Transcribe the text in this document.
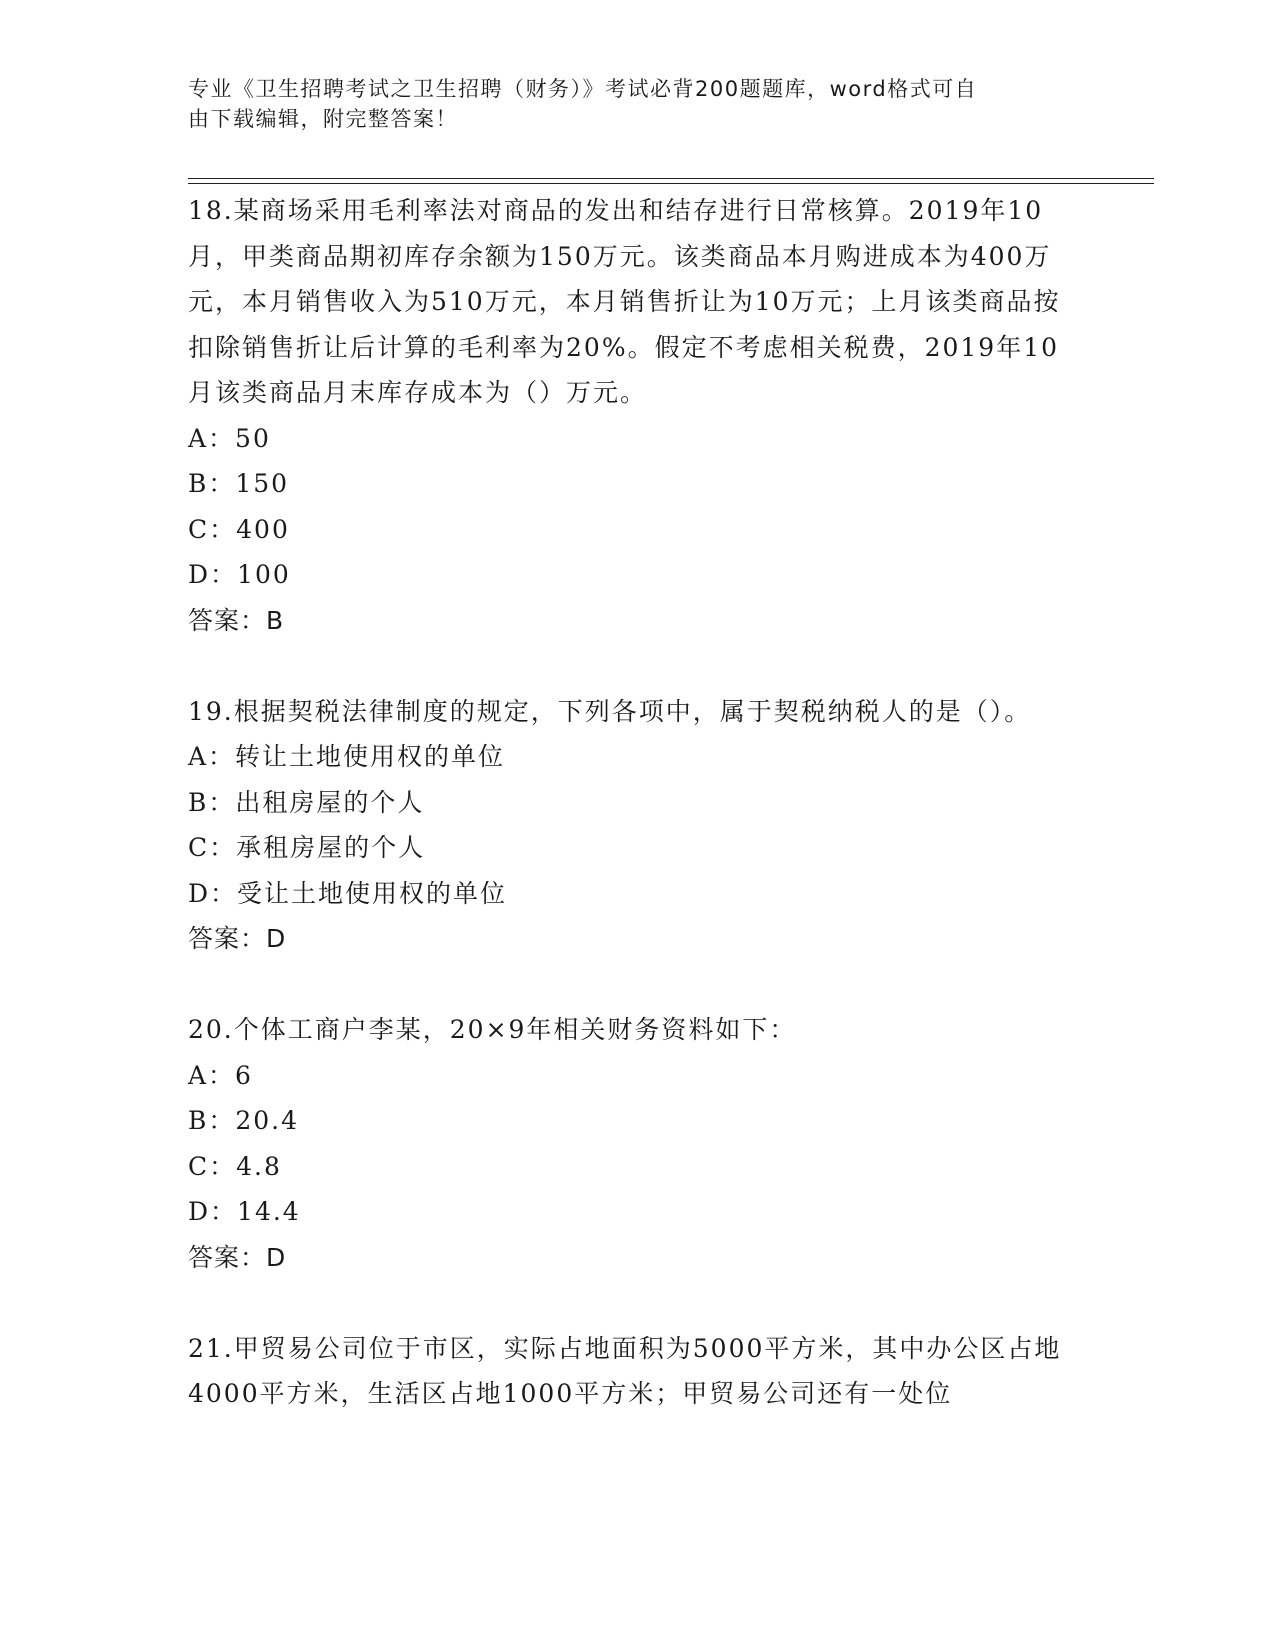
专业《卫生招聘考试之卫生招聘（财务）》考试必背200题题库，word格式可自
由下载编辑，附完整答案！

18.某商场采用毛利率法对商品的发出和结存进行日常核算。2019年10月，甲类商品期初库存余额为150万元。该类商品本月购进成本为400万元，本月销售收入为510万元，本月销售折让为10万元；上月该类商品按扣除销售折让后计算的毛利率为20%。假定不考虑相关税费，2019年10月该类商品月末库存成本为（）万元。

A：50

B：150

C：400

D：100

答案：B

19.根据契税法律制度的规定，下列各项中，属于契税纳税人的是（）。

A：转让土地使用权的单位

B：出租房屋的个人

C：承租房屋的个人

D：受让土地使用权的单位

答案：D

20.个体工商户李某，20×9年相关财务资料如下：

A：6

B：20.4

C：4.8

D：14.4

答案：D

21.甲贸易公司位于市区，实际占地面积为5000平方米，其中办公区占地4000平方米，生活区占地1000平方米；甲贸易公司还有一处位
